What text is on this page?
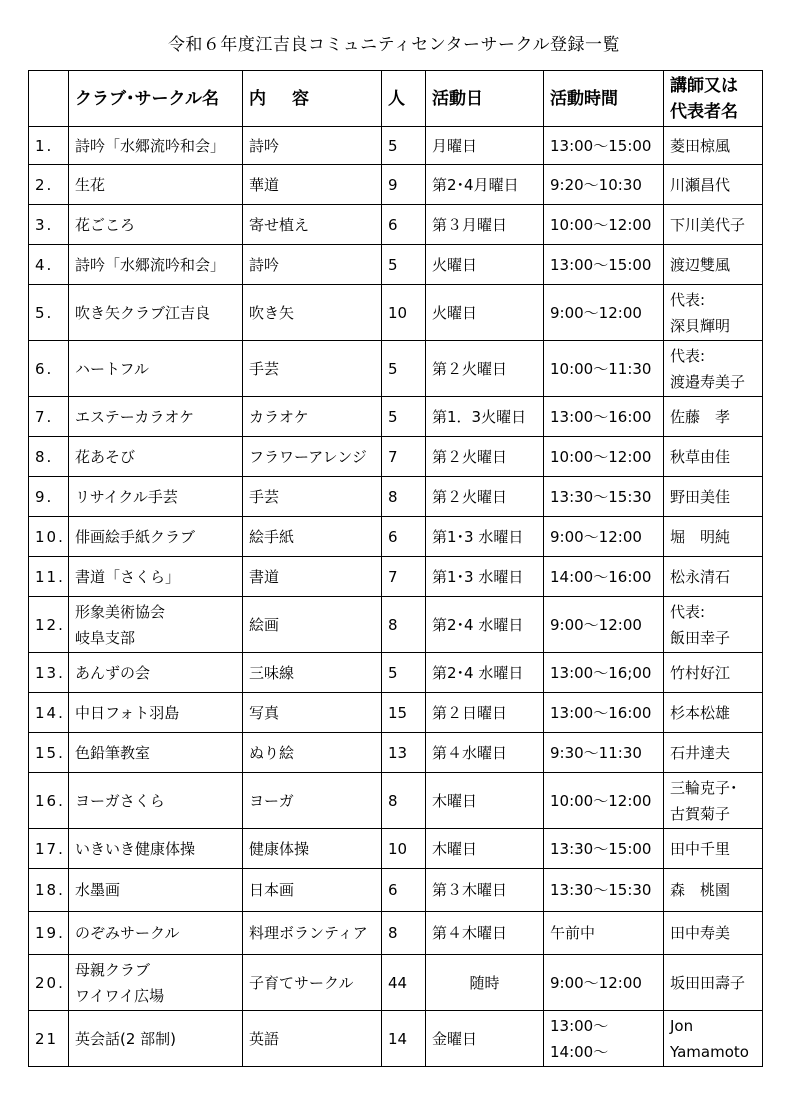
令和６年度江吉良コミュニティセンターサークル登録一覧
	クラブ･サークル名	内容	人	活動日	活動時間	講師又は
代表者名

1.	詩吟「水郷流吟和会」	詩吟	5	月曜日	13:00～15:00	菱田椋風
2.	生花	華道	9	第2･4月曜日	9:20～10:30	川瀬昌代
3.	花ごころ	寄せ植え	6	第３月曜日	10:00～12:00	下川美代子
4.	詩吟「水郷流吟和会」	詩吟	5	火曜日	13:00～15:00	渡辺雙風
5.	吹き矢クラブ江吉良	吹き矢	10	火曜日	9:00～12:00	代表:
深貝輝明

6.	ハートフル	手芸	5	第２火曜日	10:00～11:30	代表:
渡邉寿美子

7.	エステーカラオケ	カラオケ	5	第1．3火曜日	13:00～16:00	佐藤　孝
8.	花あそび	フラワーアレンジ	7	第２火曜日	10:00～12:00	秋草由佳
9.	リサイクル手芸	手芸	8	第２火曜日	13:30～15:30	野田美佳
10.	俳画絵手紙クラブ	絵手紙	6	第1･3 水曜日	9:00～12:00	堀　明純
11.	書道「さくら」	書道	7	第1･3 水曜日	14:00～16:00	松永清石
12.	形象美術協会
岐阜支部	絵画	8	第2･4 水曜日	9:00～12:00	代表:
飯田幸子

13.	あんずの会	三味線	5	第2･4 水曜日	13:00～16;00	竹村好江
14.	中日フォト羽島	写真	15	第２日曜日	13:00～16:00	杉本松雄
15.	色鉛筆教室	ぬり絵	13	第４水曜日	9:30～11:30	石井達夫
16.	ヨーガさくら	ヨーガ	8	木曜日	10:00～12:00	三輪克子･
古賀菊子

17.	いきいき健康体操	健康体操	10	木曜日	13:30～15:00	田中千里
18.	水墨画	日本画	6	第３木曜日	13:30～15:30	森　桃園
19.	のぞみサークル	料理ボランティア	8	第４木曜日	午前中	田中寿美
20.	母親クラブ
ワイワイ広場	子育てサークル	44	随時	9:00～12:00	坂田田壽子
21	英会話(2 部制)	英語	14	金曜日	13:00～
14:00～	Jon
Yamamoto
